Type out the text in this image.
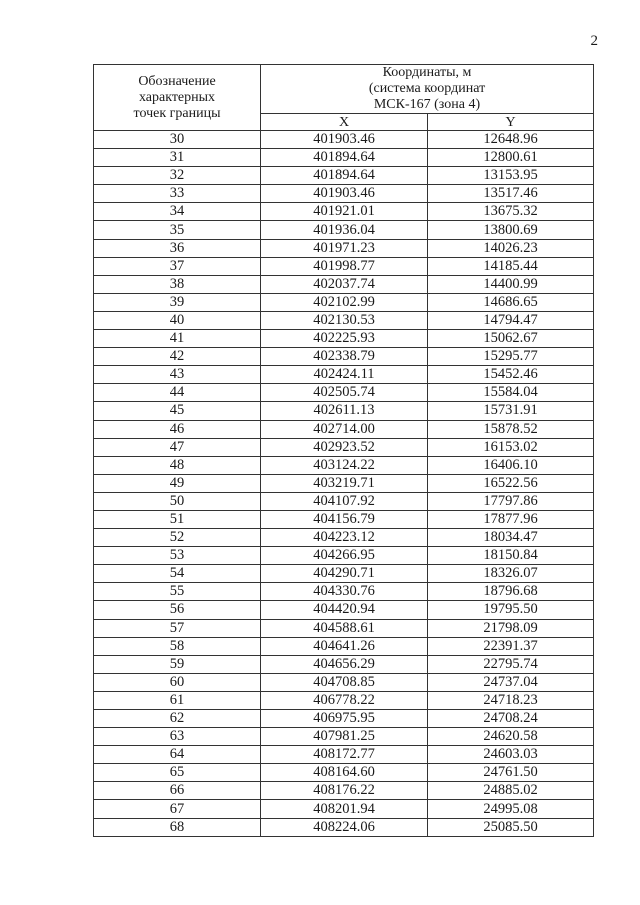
2
Обозначение
характерных
точек границы	Координаты, м
(система координат
МСК-167 (зона 4)	

	X	Y
30	401903.46	12648.96
31	401894.64	12800.61
32	401894.64	13153.95
33	401903.46	13517.46
34	401921.01	13675.32
35	401936.04	13800.69
36	401971.23	14026.23
37	401998.77	14185.44
38	402037.74	14400.99
39	402102.99	14686.65
40	402130.53	14794.47
41	402225.93	15062.67
42	402338.79	15295.77
43	402424.11	15452.46
44	402505.74	15584.04
45	402611.13	15731.91
46	402714.00	15878.52
47	402923.52	16153.02
48	403124.22	16406.10
49	403219.71	16522.56
50	404107.92	17797.86
51	404156.79	17877.96
52	404223.12	18034.47
53	404266.95	18150.84
54	404290.71	18326.07
55	404330.76	18796.68
56	404420.94	19795.50
57	404588.61	21798.09
58	404641.26	22391.37
59	404656.29	22795.74
60	404708.85	24737.04
61	406778.22	24718.23
62	406975.95	24708.24
63	407981.25	24620.58
64	408172.77	24603.03
65	408164.60	24761.50
66	408176.22	24885.02
67	408201.94	24995.08
68	408224.06	25085.50
